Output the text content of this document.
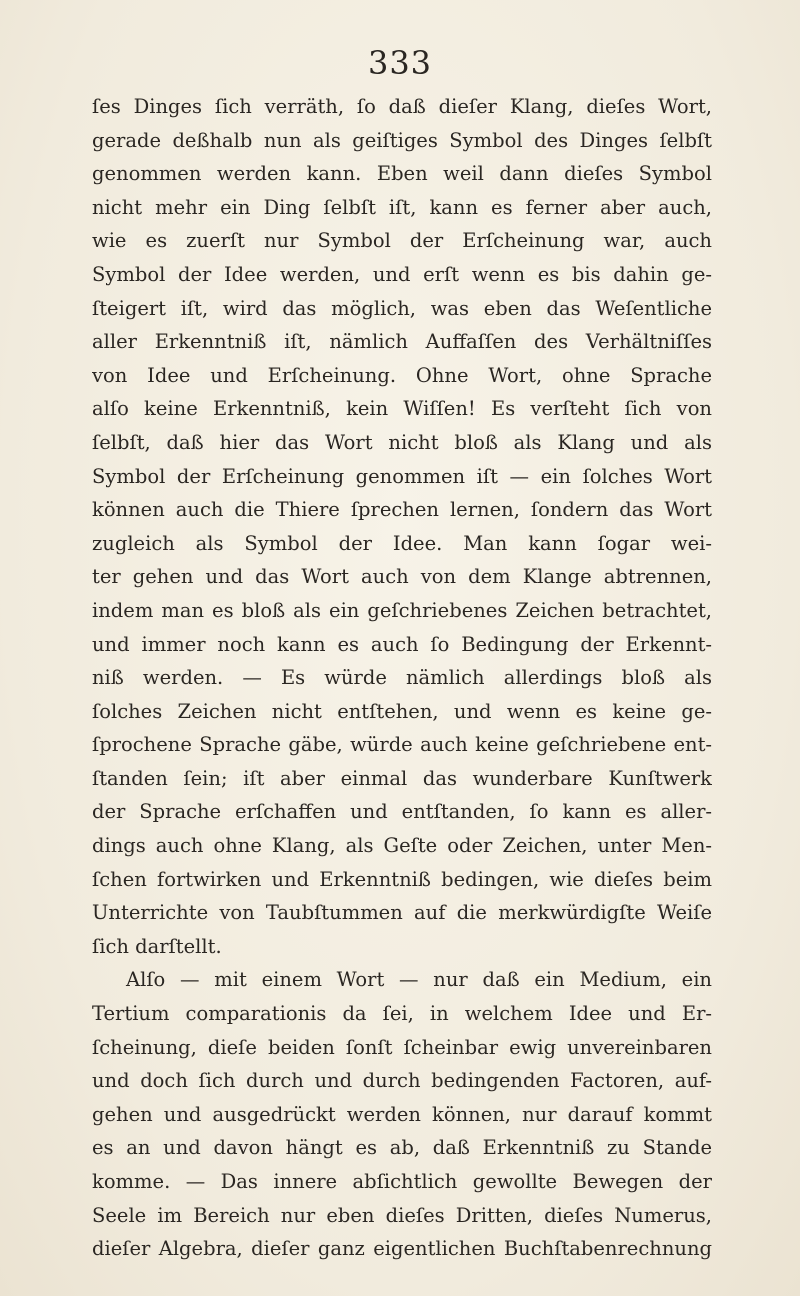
333
ſes Dinges ſich verräth, ſo daß dieſer Klang, dieſes Wort,
gerade deßhalb nun als geiſtiges Symbol des Dinges ſelbſt
genommen werden kann. Eben weil dann dieſes Symbol
nicht mehr ein Ding ſelbſt iſt, kann es ferner aber auch,
wie es zuerſt nur Symbol der Erſcheinung war, auch
Symbol der Idee werden, und erſt wenn es bis dahin ge-
ſteigert iſt, wird das möglich, was eben das Weſentliche
aller Erkenntniß iſt, nämlich Auffaſſen des Verhältniſſes
von Idee und Erſcheinung. Ohne Wort, ohne Sprache
alſo keine Erkenntniß, kein Wiſſen! Es verſteht ſich von
ſelbſt, daß hier das Wort nicht bloß als Klang und als
Symbol der Erſcheinung genommen iſt — ein ſolches Wort
können auch die Thiere ſprechen lernen, ſondern das Wort
zugleich als Symbol der Idee. Man kann ſogar wei-
ter gehen und das Wort auch von dem Klange abtrennen,
indem man es bloß als ein geſchriebenes Zeichen betrachtet,
und immer noch kann es auch ſo Bedingung der Erkennt-
niß werden. — Es würde nämlich allerdings bloß als
ſolches Zeichen nicht entſtehen, und wenn es keine ge-
ſprochene Sprache gäbe, würde auch keine geſchriebene ent-
ſtanden ſein; iſt aber einmal das wunderbare Kunſtwerk
der Sprache erſchaffen und entſtanden, ſo kann es aller-
dings auch ohne Klang, als Geſte oder Zeichen, unter Men-
ſchen fortwirken und Erkenntniß bedingen, wie dieſes beim
Unterrichte von Taubſtummen auf die merkwürdigſte Weiſe
ſich darſtellt.
Alſo — mit einem Wort — nur daß ein Medium, ein
Tertium comparationis da ſei, in welchem Idee und Er-
ſcheinung, dieſe beiden ſonſt ſcheinbar ewig unvereinbaren
und doch ſich durch und durch bedingenden Factoren, auf-
gehen und ausgedrückt werden können, nur darauf kommt
es an und davon hängt es ab, daß Erkenntniß zu Stande
komme. — Das innere abſichtlich gewollte Bewegen der
Seele im Bereich nur eben dieſes Dritten, dieſes Numerus,
dieſer Algebra, dieſer ganz eigentlichen Buchſtabenrechnung
